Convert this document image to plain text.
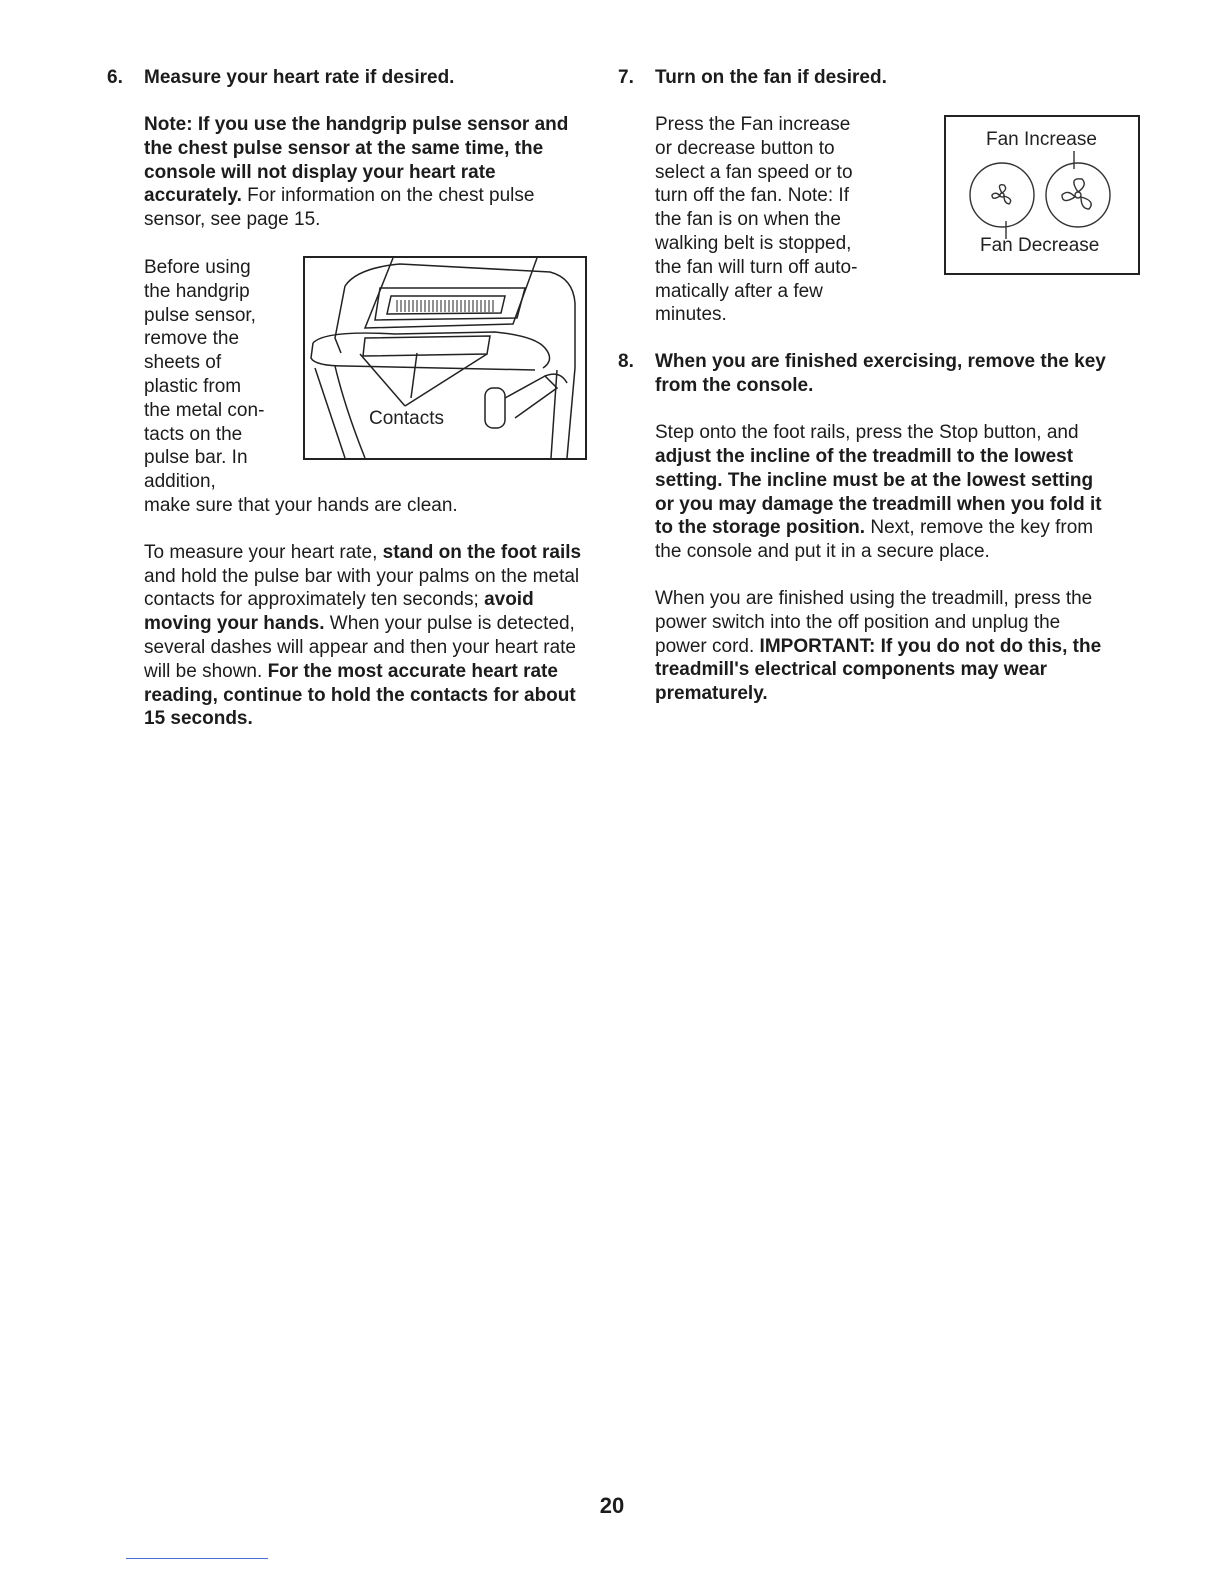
6.	Measure your heart rate if desired.

Note: If you use the handgrip pulse sensor and the chest pulse sensor at the same time, the console will not display your heart rate accurately. For information on the chest pulse sensor, see page 15.

Before using

the handgrip

pulse sensor,

remove the

sheets of

plastic from

the metal con-

tacts on the

pulse bar. In

addition,

make sure that your hands are clean.

Contacts

To measure your heart rate, stand on the foot rails and hold the pulse bar with your palms on the metal contacts for approximately ten seconds; avoid moving your hands. When your pulse is detected, several dashes will appear and then your heart rate will be shown. For the most accurate heart rate reading, continue to hold the contacts for about 15 seconds.

7.	Turn on the fan if desired.

Press the Fan increase

or decrease button to

select a fan speed or to

turn off the fan. Note: If

the fan is on when the

walking belt is stopped,

the fan will turn off auto-

matically after a few

minutes.

Fan Increase
Fan Decrease
8.	When you are finished exercising, remove the key from the console.

Step onto the foot rails, press the Stop button, and adjust the incline of the treadmill to the lowest setting. The incline must be at the lowest setting or you may damage the treadmill when you fold it to the storage position. Next, remove the key from the console and put it in a secure place.

When you are finished using the treadmill, press the power switch into the off position and unplug the power cord. IMPORTANT: If you do not do this, the treadmill's electrical components may wear prematurely.

20
